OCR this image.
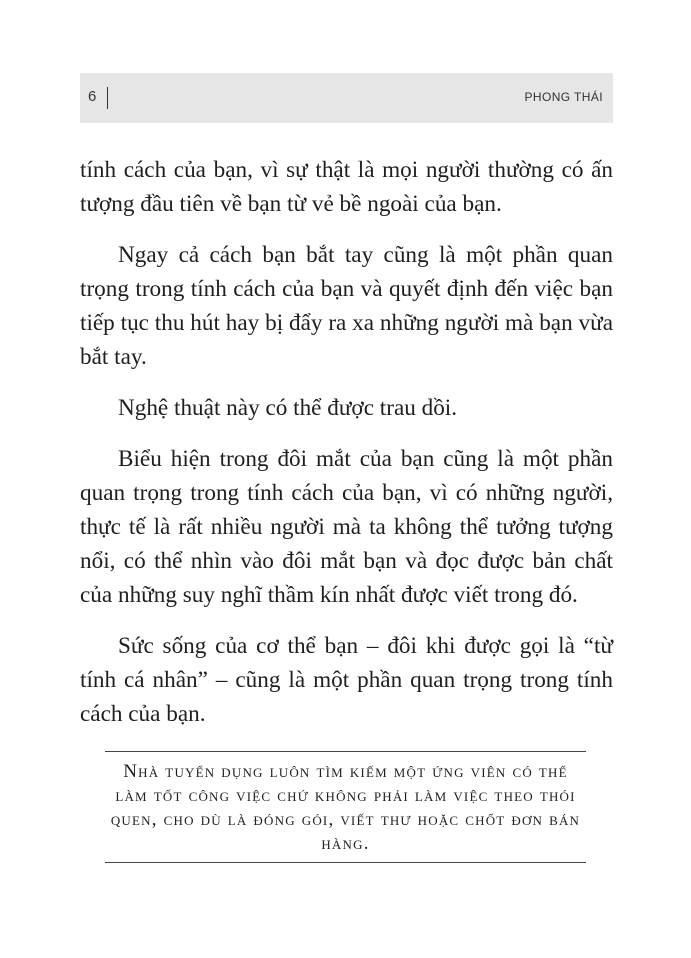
6	PHONG THÁI

tính cách của bạn, vì sự thật là mọi người thường có ấn tượng đầu tiên về bạn từ vẻ bề ngoài của bạn.

Ngay cả cách bạn bắt tay cũng là một phần quan trọng trong tính cách của bạn và quyết định đến việc bạn tiếp tục thu hút hay bị đẩy ra xa những người mà bạn vừa bắt tay.

Nghệ thuật này có thể được trau dồi.

Biểu hiện trong đôi mắt của bạn cũng là một phần quan trọng trong tính cách của bạn, vì có những người, thực tế là rất nhiều người mà ta không thể tưởng tượng nổi, có thể nhìn vào đôi mắt bạn và đọc được bản chất của những suy nghĩ thầm kín nhất được viết trong đó.

Sức sống của cơ thể bạn – đôi khi được gọi là “từ tính cá nhân” – cũng là một phần quan trọng trong tính cách của bạn.

Nhà tuyển dụng luôn tìm kiếm một ứng viên có thể làm tốt công việc chứ không phải làm việc theo thói quen, cho dù là đóng gói, viết thư hoặc chốt đơn bán hàng.
